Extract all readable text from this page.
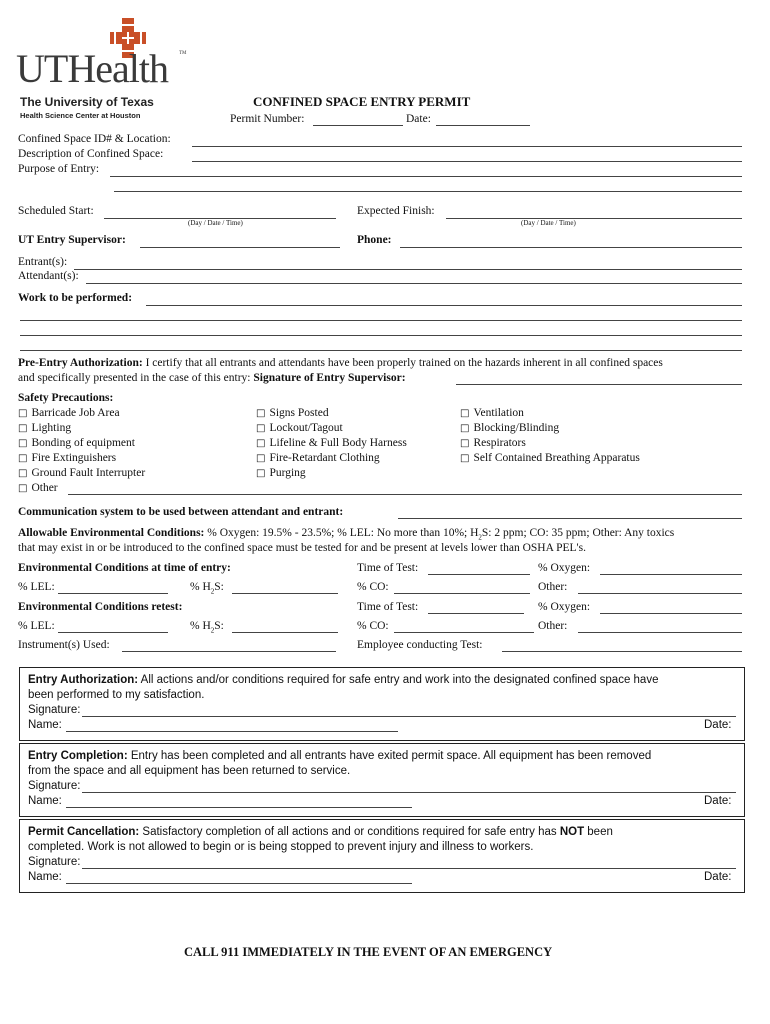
UTHealth TM
The University of Texas
Health Science Center at Houston
CONFINED SPACE ENTRY PERMIT
Permit Number:	Date:
Confined Space ID# & Location:
Description of Confined Space:
Purpose of Entry:
Scheduled Start:
(Day / Date / Time)
Expected Finish:
(Day / Date / Time)
UT Entry Supervisor:	Phone:
Entrant(s):
Attendant(s):
Work to be performed:
Pre-Entry Authorization: I certify that all entrants and attendants have been properly trained on the hazards inherent in all confined spaces
and specifically presented in the case of this entry: Signature of Entry Supervisor:
Safety Precautions:
□ Barricade Job Area
□ Lighting
□ Bonding of equipment
□ Fire Extinguishers
□ Ground Fault Interrupter
□ Other
□ Signs Posted
□ Lockout/Tagout
□ Lifeline & Full Body Harness
□ Fire-Retardant Clothing
□ Purging
□ Ventilation
□ Blocking/Blinding
□ Respirators
□ Self Contained Breathing Apparatus
Communication system to be used between attendant and entrant:
Allowable Environmental Conditions: % Oxygen: 19.5% - 23.5%; % LEL: No more than 10%; $H_2S$: 2 ppm; CO: 35 ppm; Other: Any toxics
that may exist in or be introduced to the confined space must be tested for and be present at levels lower than OSHA PEL's.
Environmental Conditions at time of entry:	Time of Test:	% Oxygen:
% LEL:	% $H_2S$:	% CO:	Other:
Environmental Conditions retest:	Time of Test:	% Oxygen:
% LEL:	% $H_2S$:	% CO:	Other:
Instrument(s) Used:	Employee conducting Test:
Entry Authorization: All actions and/or conditions required for safe entry and work into the designated confined space have
been performed to my satisfaction.
Signature:
Name:	Date:
Entry Completion: Entry has been completed and all entrants have exited permit space. All equipment has been removed
from the space and all equipment has been returned to service.
Signature:
Name:	Date:
Permit Cancellation: Satisfactory completion of all actions and or conditions required for safe entry has NOT been
completed. Work is not allowed to begin or is being stopped to prevent injury and illness to workers.
Signature:
Name:	Date:
CALL 911 IMMEDIATELY IN THE EVENT OF AN EMERGENCY
